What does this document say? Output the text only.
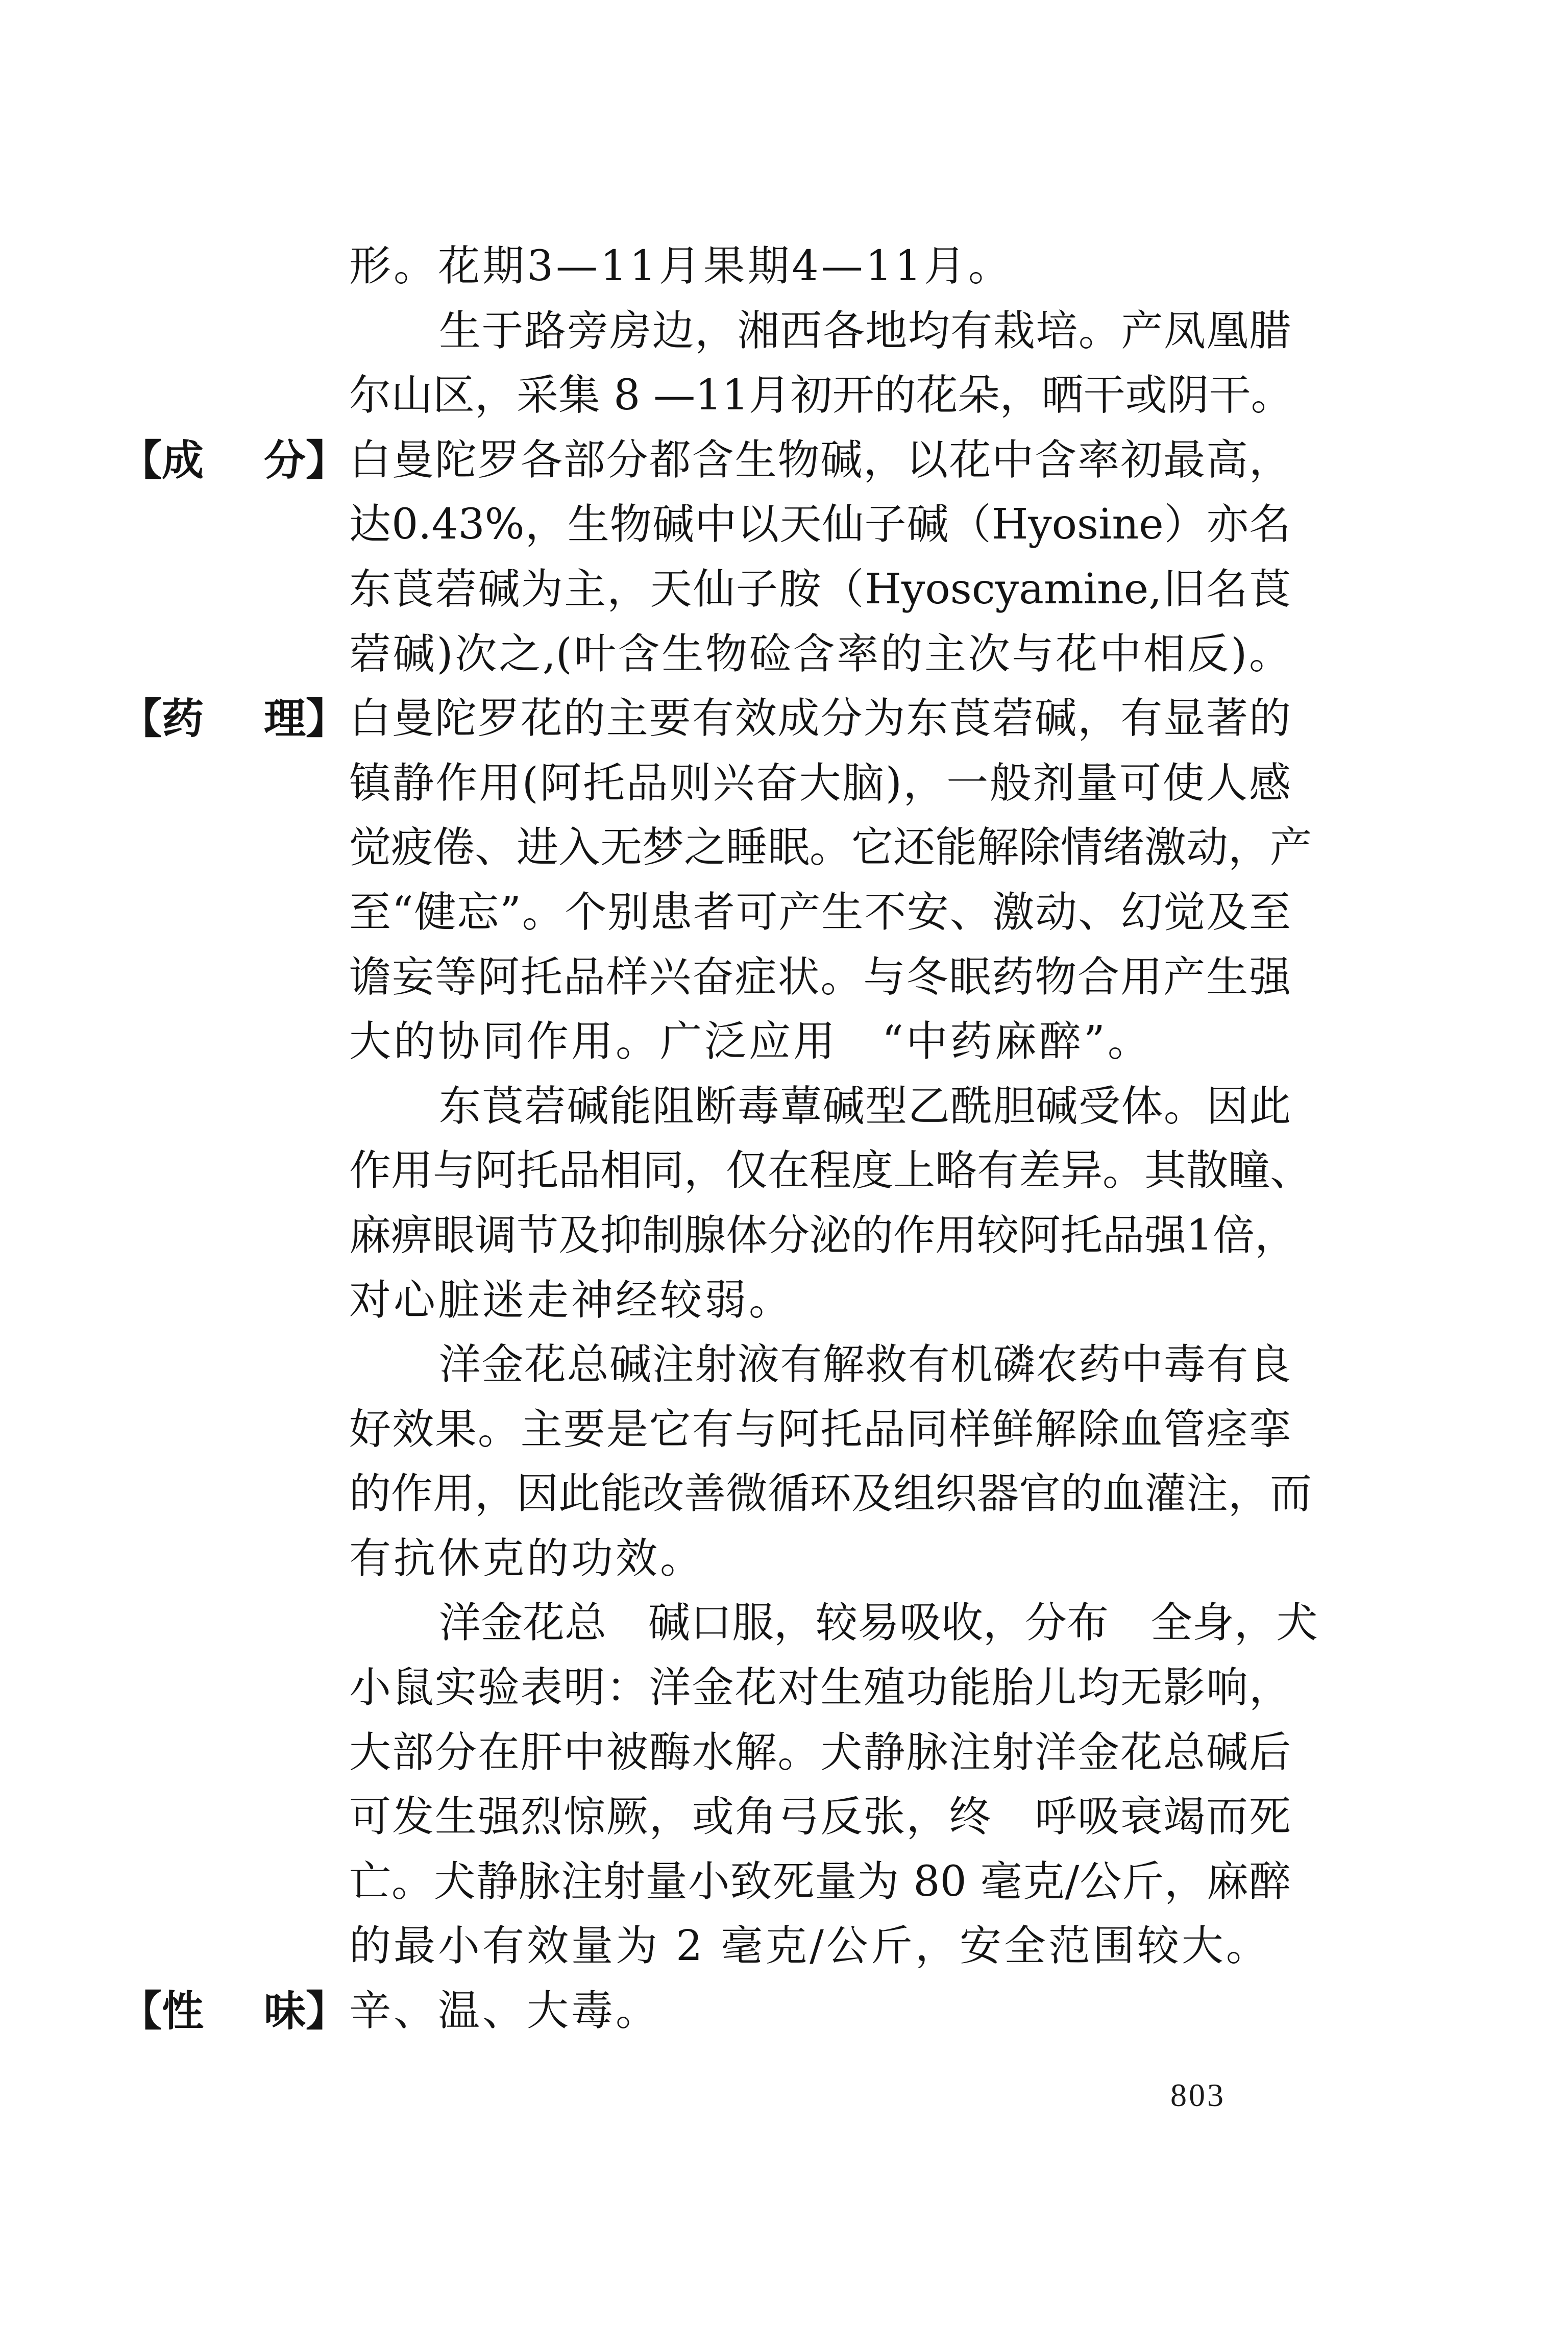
形。花期3—11月果期4—11月。
生于路旁房边，湘西各地均有栽培。产凤凰腊
尔山区，采集 8 —11月初开的花朵，晒干或阴干。
【成 分】 白曼陀罗各部分都含生物碱，以花中含率初最高，
达0.43%，生物碱中以天仙子碱（Hyosine）亦名
东莨菪碱为主，天仙子胺（Hyoscyamine,旧名莨
菪碱)次之,(叶含生物硷含率的主次与花中相反)。
【药 理】 白曼陀罗花的主要有效成分为东莨菪碱，有显著的
镇静作用(阿托品则兴奋大脑)，一般剂量可使人感
觉疲倦、进入无梦之睡眠。它还能解除情绪激动，产
至“健忘”。个别患者可产生不安、激动、幻觉及至
谵妄等阿托品样兴奋症状。与冬眠药物合用产生强
大的协同作用。广泛应用　“中药麻醉”。
东莨菪碱能阻断毒蕈碱型乙酰胆碱受体。因此
作用与阿托品相同，仅在程度上略有差异。其散瞳、
麻痹眼调节及抑制腺体分泌的作用较阿托品强1倍，
对心脏迷走神经较弱。
洋金花总碱注射液有解救有机磷农药中毒有良
好效果。主要是它有与阿托品同样鲜解除血管痉挛
的作用，因此能改善微循环及组织器官的血灌注，而
有抗休克的功效。
洋金花总　碱口服，较易吸收，分布　全身，犬
小鼠实验表明：洋金花对生殖功能胎儿均无影响，
大部分在肝中被酶水解。犬静脉注射洋金花总碱后
可发生强烈惊厥，或角弓反张，终　呼吸衰竭而死
亡。犬静脉注射量小致死量为 80 毫克/公斤，麻醉
的最小有效量为 2 毫克/公斤，安全范围较大。
【性 味】 辛、温、大毒。
803
